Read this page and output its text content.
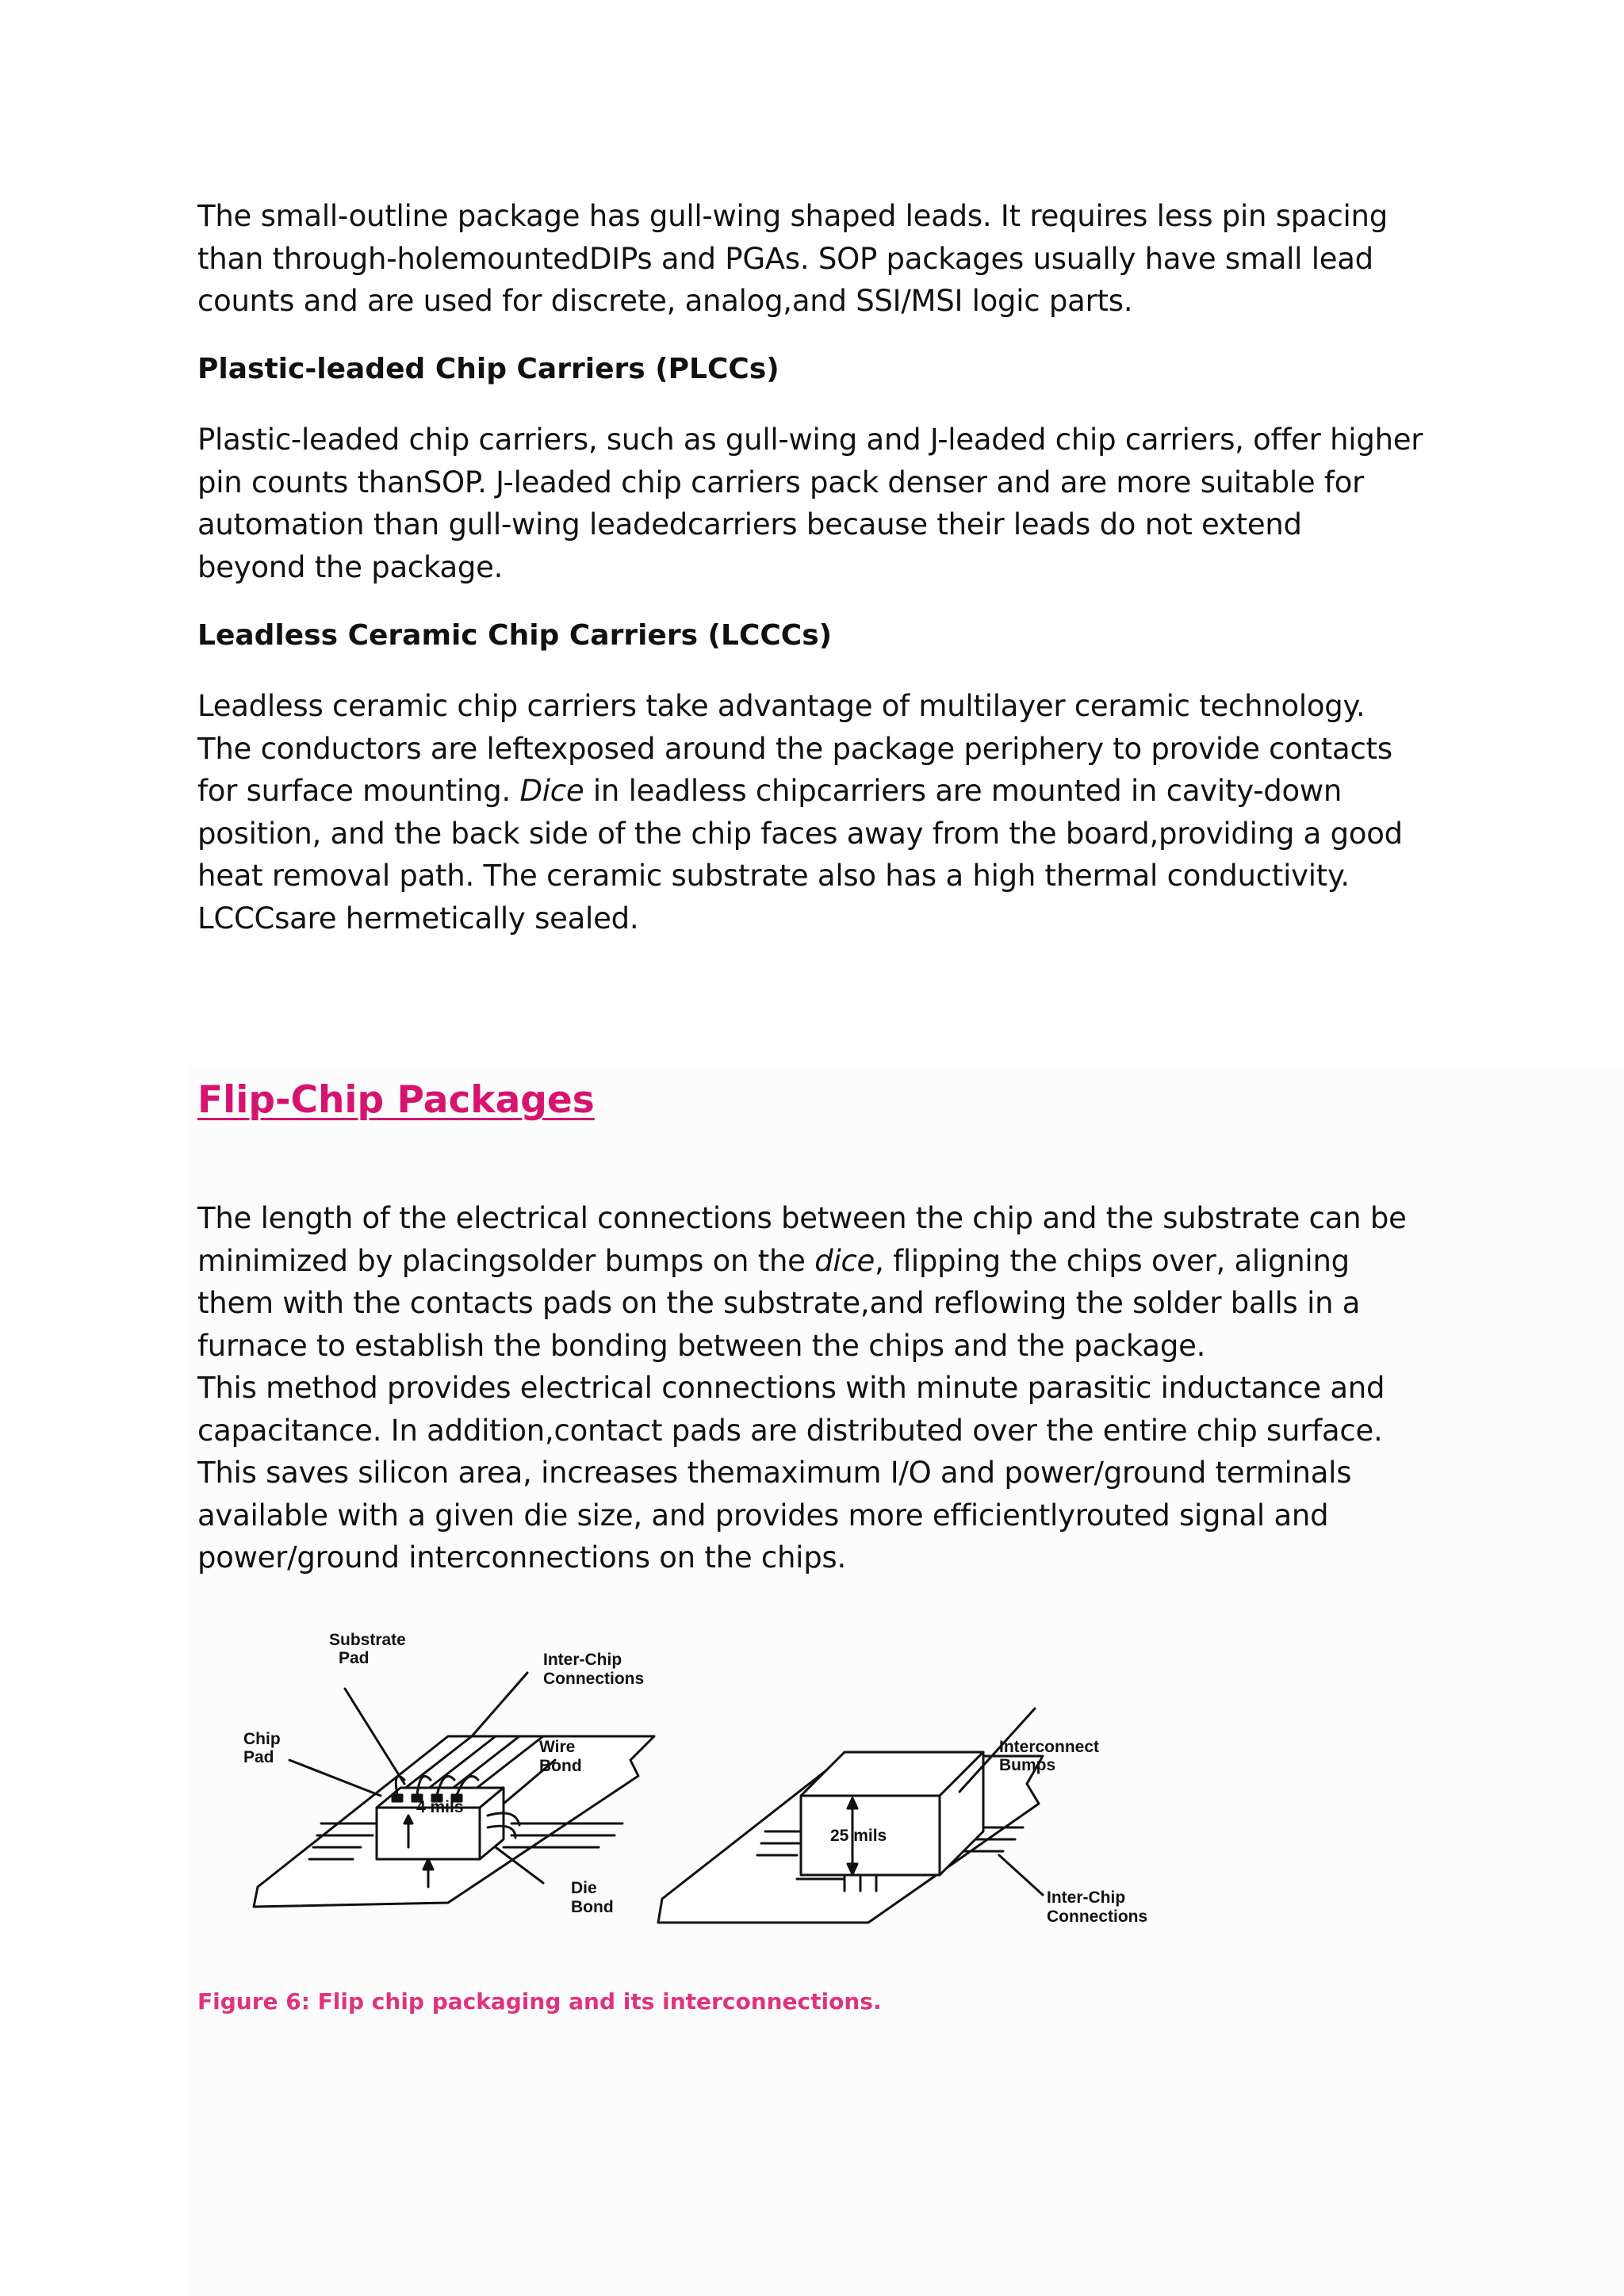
The small-outline package has gull-wing shaped leads. It requires less pin spacing
than through-holemountedDIPs and PGAs. SOP packages usually have small lead
counts and are used for discrete, analog,and SSI/MSI logic parts.

Plastic-leaded Chip Carriers (PLCCs)

Plastic-leaded chip carriers, such as gull-wing and J-leaded chip carriers, offer higher
pin counts thanSOP. J-leaded chip carriers pack denser and are more suitable for
automation than gull-wing leadedcarriers because their leads do not extend
beyond the package.

Leadless Ceramic Chip Carriers (LCCCs)

Leadless ceramic chip carriers take advantage of multilayer ceramic technology.
The conductors are leftexposed around the package periphery to provide contacts
for surface mounting. Dice in leadless chipcarriers are mounted in cavity-down
position, and the back side of the chip faces away from the board,providing a good
heat removal path. The ceramic substrate also has a high thermal conductivity.
LCCCsare hermetically sealed.

Flip-Chip Packages

The length of the electrical connections between the chip and the substrate can be
minimized by placingsolder bumps on the dice, flipping the chips over, aligning
them with the contacts pads on the substrate,and reflowing the solder balls in a
furnace to establish the bonding between the chips and the package.
This method provides electrical connections with minute parasitic inductance and
capacitance. In addition,contact pads are distributed over the entire chip surface.
This saves silicon area, increases themaximum I/O and power/ground terminals
available with a given die size, and provides more efficientlyrouted signal and
power/ground interconnections on the chips.

Substrate
Pad	Inter-Chip
Connections
Chip
Pad
Wire
Bond
4 mils
Die
Bond
Interconnect
Bumps
25 mils
Inter-Chip
Connections

Figure 6: Flip chip packaging and its interconnections.
